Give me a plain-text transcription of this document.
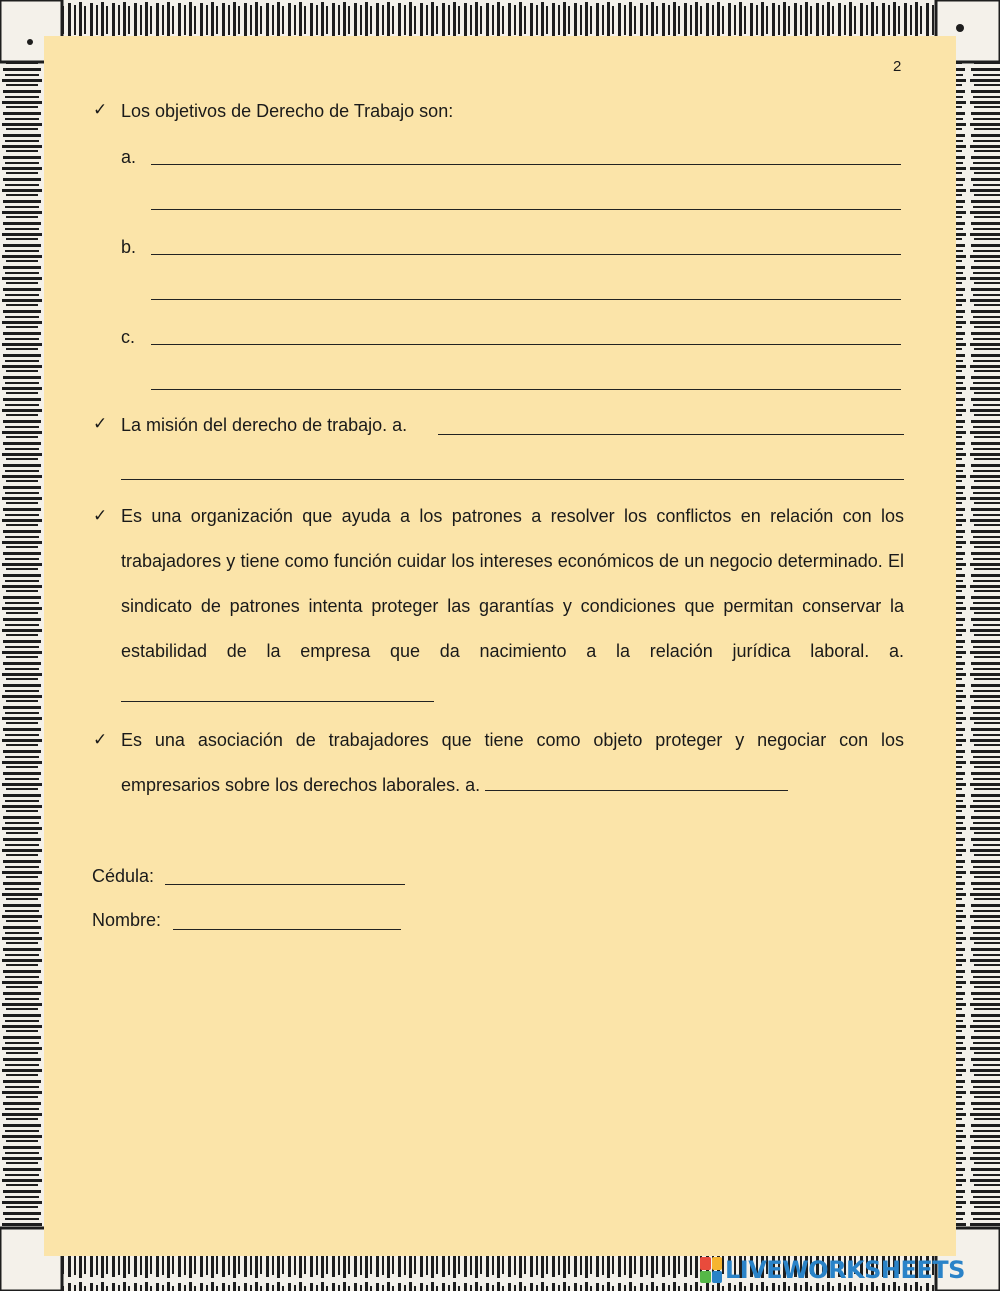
2
✓ Los objetivos de Derecho de Trabajo son:
a.
b.
c.
✓ La misión del derecho de trabajo. a.
✓ Es una organización que ayuda a los patrones a resolver los conflictos en relación con los trabajadores y tiene como función cuidar los intereses económicos de un negocio determinado. El sindicato de patrones intenta proteger las garantías y condiciones que permitan conservar la estabilidad de la empresa que da nacimiento a la relación jurídica laboral. a.
✓ Es una asociación de trabajadores que tiene como objeto proteger y negociar con los empresarios sobre los derechos laborales. a.
Cédula:
Nombre:
LIVEWORKSHEETS
